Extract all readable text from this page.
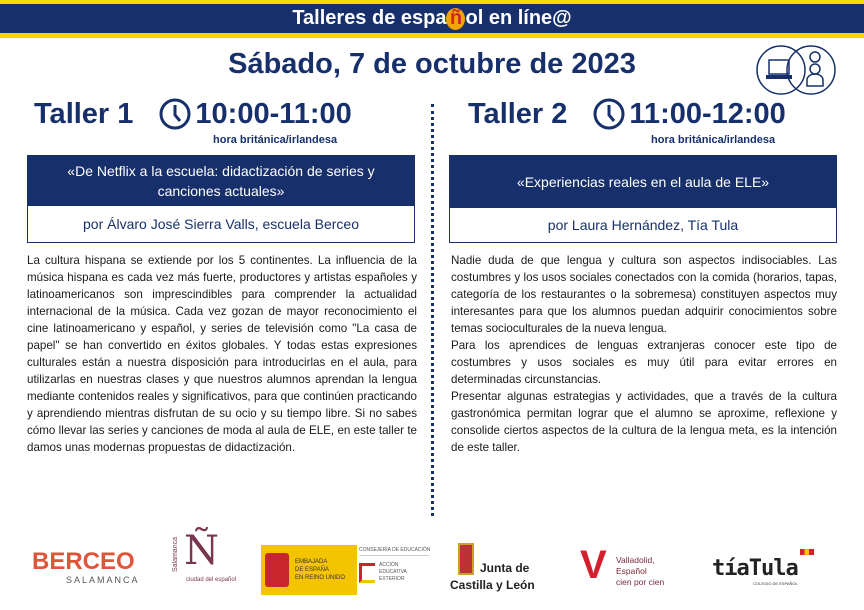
Talleres de espa ñ ol en líne@
Sábado, 7 de octubre de 2023
Taller 1 10:00-11:00
hora británica/irlandesa
«De Netflix a la escuela: didactización de series y canciones actuales»
por Álvaro José Sierra Valls, escuela Berceo

La cultura hispana se extiende por los 5 continentes. La influencia de la música hispana es cada vez más fuerte, productores y artistas españoles y latinoamericanos son imprescindibles para comprender la actualidad internacional de la música. Cada vez gozan de mayor reconocimiento el cine latinoamericano y español, y series de televisión como "La casa de papel" se han convertido en éxitos globales. Y todas estas expresiones culturales están a nuestra disposición para introducirlas en el aula, para utilizarlas en nuestras clases y que nuestros alumnos aprendan la lengua mediante contenidos reales y significativos, para que continúen practicando y aprendiendo mientras disfrutan de su ocio y su tiempo libre. Si no sabes cómo llevar las series y canciones de moda al aula de ELE, en este taller te damos unas modernas propuestas de didactización.

Taller 2 11:00-12:00
hora británica/irlandesa
«Experiencias reales en el aula de ELE»
por Laura Hernández, Tía Tula

Nadie duda de que lengua y cultura son aspectos indisociables. Las costumbres y los usos sociales conectados con la comida (horarios, tapas, categoría de los restaurantes o la sobremesa) constituyen aspectos muy interesantes para que los alumnos puedan adquirir conocimientos sobre temas socioculturales de la nueva lengua.

Para los aprendices de lenguas extranjeras conocer este tipo de costumbres y usos sociales es muy útil para evitar errores en determinadas circunstancias.

Presentar algunas estrategias y actividades, que a través de la cultura gastronómica permitan lograr que el alumno se aproxime, reflexione y consolide ciertos aspectos de la cultura de la lengua meta, es la intención de este taller.

BERCEO
SALAMANCA
Salamanca Ñ
ciudad del español
EMBAJADA
DE ESPAÑA
EN REINO UNIDO
CONSEJERÍA DE EDUCACIÓN
ACCIÓN
EDUCATIVA
EXTERIOR
Junta de
Castilla y León V Valladolid,
Español
cien por cien
tíaTula
COLEGIO DE ESPAÑOL
